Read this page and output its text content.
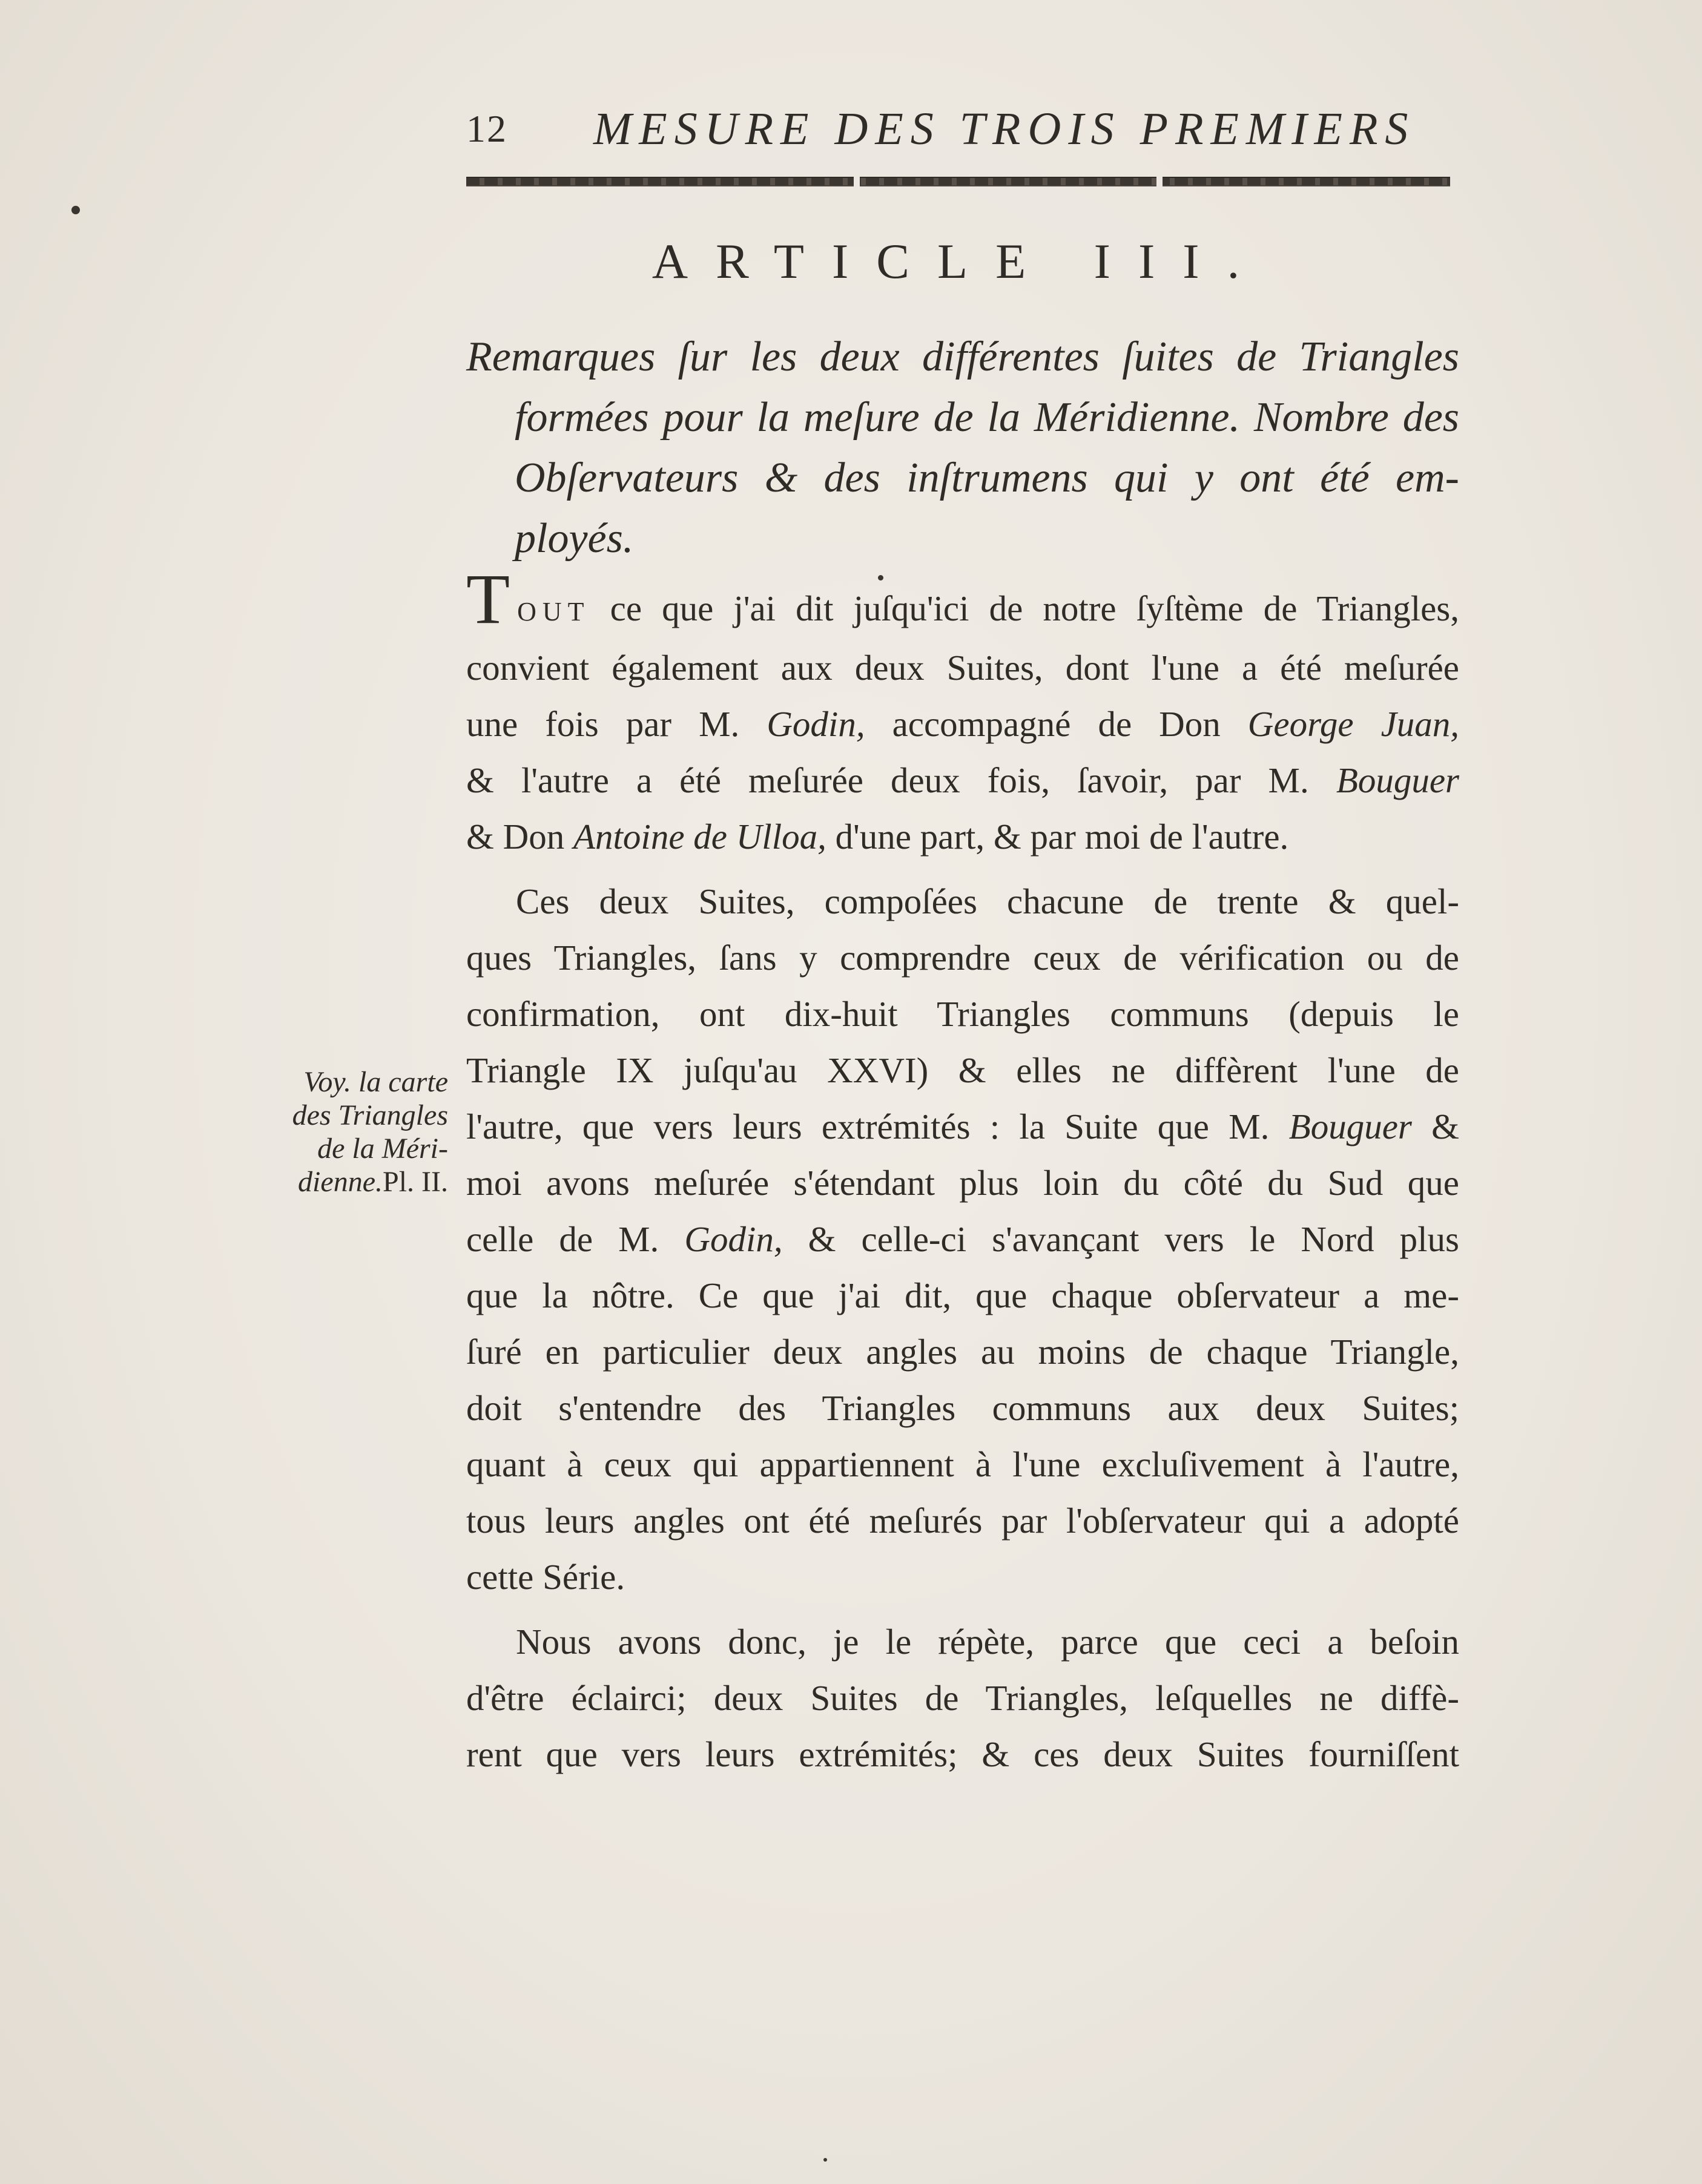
12 MESURE DES TROIS PREMIERS
ARTICLE III.
Remarques ſur les deux différentes ſuites de Triangles
formées pour la meſure de la Méridienne. Nombre des
Obſervateurs & des inſtrumens qui y ont été em-
ployés.
TOUT ce que j'ai dit juſqu'ici de notre ſyſtème de Triangles,
convient également aux deux Suites, dont l'une a été meſurée
une fois par M. Godin, accompagné de Don George Juan,
& l'autre a été meſurée deux fois, ſavoir, par M. Bouguer
& Don Antoine de Ulloa, d'une part, & par moi de l'autre.
Ces deux Suites, compoſées chacune de trente & quel-
ques Triangles, ſans y comprendre ceux de vérification ou de
confirmation, ont dix-huit Triangles communs (depuis le
Triangle IX juſqu'au XXVI) & elles ne diffèrent l'une de
l'autre, que vers leurs extrémités : la Suite que M. Bouguer &
moi avons meſurée s'étendant plus loin du côté du Sud que
celle de M. Godin, & celle-ci s'avançant vers le Nord plus
que la nôtre. Ce que j'ai dit, que chaque obſervateur a me-
ſuré en particulier deux angles au moins de chaque Triangle,
doit s'entendre des Triangles communs aux deux Suites;
quant à ceux qui appartiennent à l'une excluſivement à l'autre,
tous leurs angles ont été meſurés par l'obſervateur qui a adopté
cette Série.
Nous avons donc, je le répète, parce que ceci a beſoin
d'être éclairci; deux Suites de Triangles, leſquelles ne diffè-
rent que vers leurs extrémités; & ces deux Suites fourniſſent
Voy. la carte
des Triangles
de la Méri-
dienne.Pl. II.
